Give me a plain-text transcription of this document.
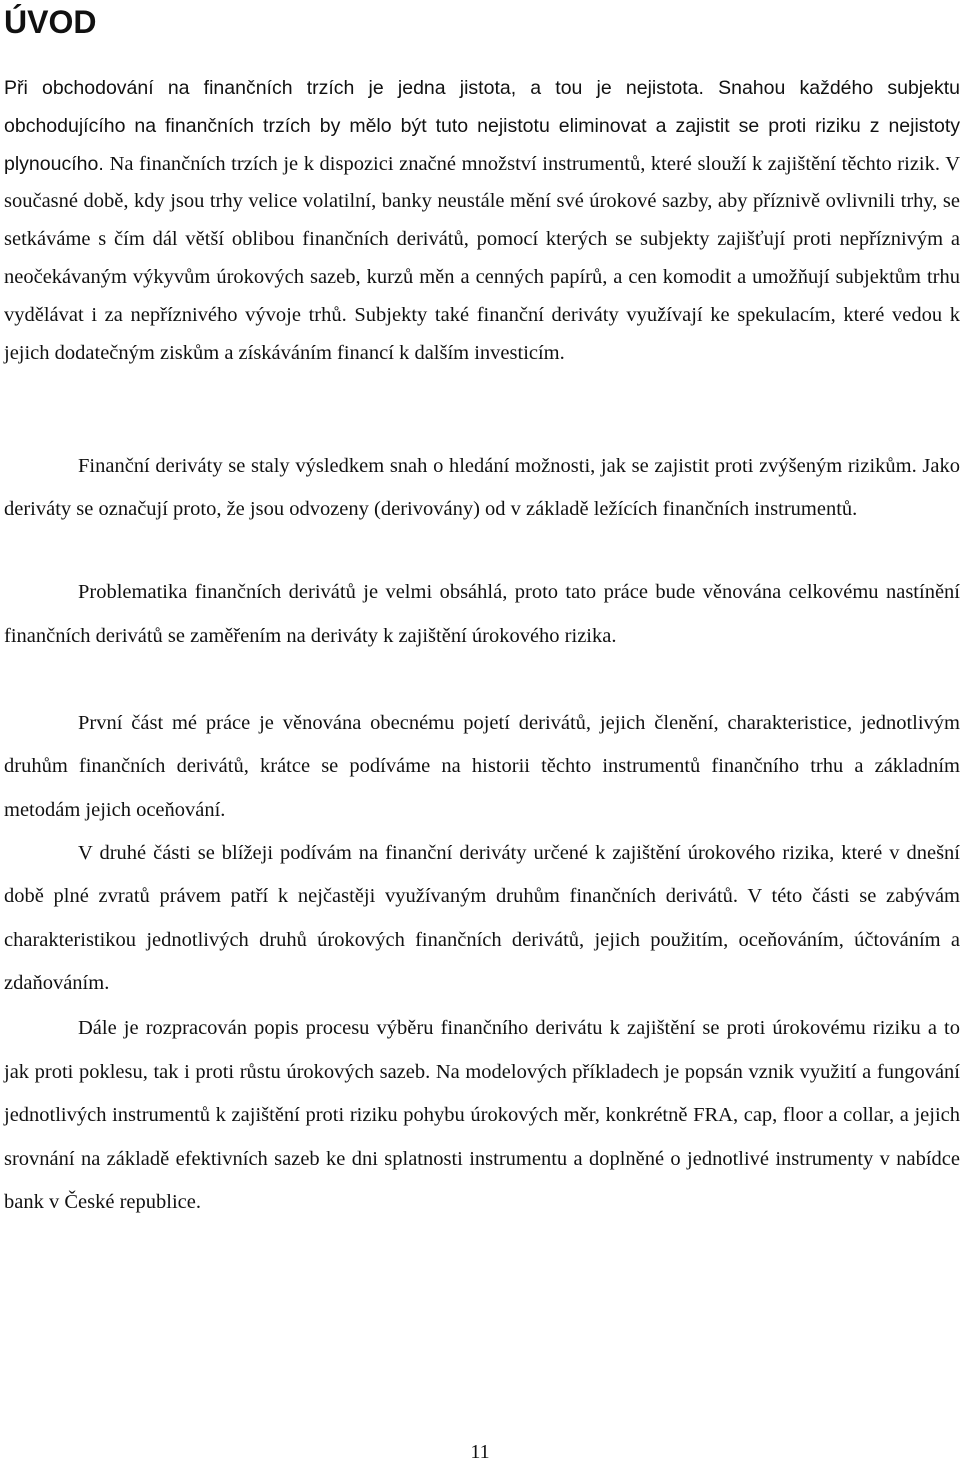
ÚVOD

Při obchodování na finančních trzích je jedna jistota, a tou je nejistota. Snahou každého subjektu obchodujícího na finančních trzích by mělo být tuto nejistotu eliminovat a zajistit se proti riziku z nejistoty plynoucího. Na finančních trzích je k dispozici značné množství instrumentů, které slouží k zajištění těchto rizik. V současné době, kdy jsou trhy velice volatilní, banky neustále mění své úrokové sazby, aby příznivě ovlivnili trhy, se setkáváme s čím dál větší oblibou finančních derivátů, pomocí kterých se subjekty zajišťují proti nepříznivým a neočekávaným výkyvům úrokových sazeb, kurzů měn a cenných papírů, a cen komodit a umožňují subjektům trhu vydělávat i za nepříznivého vývoje trhů. Subjekty také finanční deriváty využívají ke spekulacím, které vedou k jejich dodatečným ziskům a získáváním financí k dalším investicím.

Finanční deriváty se staly výsledkem snah o hledání možnosti, jak se zajistit proti zvýšeným rizikům. Jako deriváty se označují proto, že jsou odvozeny (derivovány) od v základě ležících finančních instrumentů.

Problematika finančních derivátů je velmi obsáhlá, proto tato práce bude věnována celkovému nastínění finančních derivátů se zaměřením na deriváty k zajištění úrokového rizika.

První část mé práce je věnována obecnému pojetí derivátů, jejich členění, charakteristice, jednotlivým druhům finančních derivátů, krátce se podíváme na historii těchto instrumentů finančního trhu a základním metodám jejich oceňování.

V druhé části se blížeji podívám na finanční deriváty určené k zajištění úrokového rizika, které v dnešní době plné zvratů právem patří k nejčastěji využívaným druhům finančních derivátů. V této části se zabývám charakteristikou jednotlivých druhů úrokových finančních derivátů, jejich použitím, oceňováním, účtováním a zdaňováním.

Dále je rozpracován popis procesu výběru finančního derivátu k zajištění se proti úrokovému riziku a to jak proti poklesu, tak i proti růstu úrokových sazeb. Na modelových příkladech je popsán vznik využití a fungování jednotlivých instrumentů k zajištění proti riziku pohybu úrokových měr, konkrétně FRA, cap, floor a collar, a jejich srovnání na základě efektivních sazeb ke dni splatnosti instrumentu a doplněné o jednotlivé instrumenty v nabídce bank v České republice.

11
